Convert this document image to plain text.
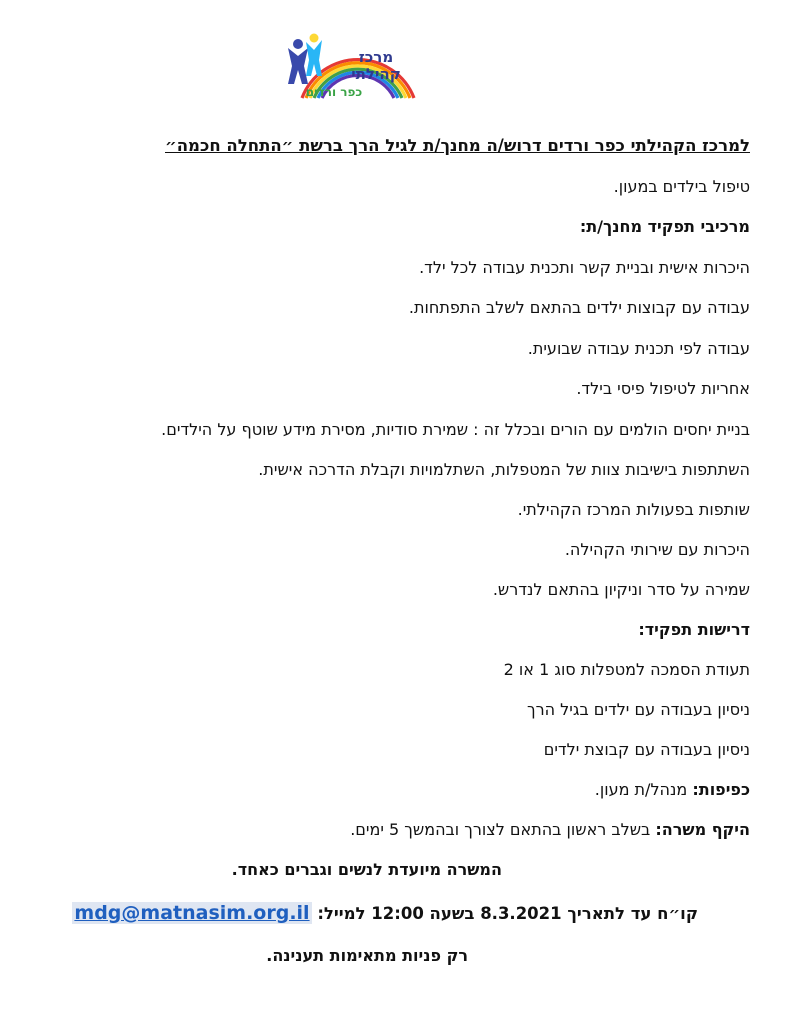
מרכז
קהילתי
כפר ורדים
למרכז הקהילתי כפר ורדים דרוש/ה מחנך/ת לגיל הרך ברשת ״התחלה חכמה״
טיפול בילדים במעון.
מרכיבי תפקיד מחנך/ת:
היכרות אישית ובניית קשר ותכנית עבודה לכל ילד.
עבודה עם קבוצות ילדים בהתאם לשלב התפתחות.
עבודה לפי תכנית עבודה שבועית.
אחריות לטיפול פיסי בילד.
בניית יחסים הולמים עם הורים ובכלל זה : שמירת סודיות, מסירת מידע שוטף על הילדים.
השתתפות בישיבות צוות של המטפלות, השתלמויות וקבלת הדרכה אישית.
שותפות בפעולות המרכז הקהילתי.
היכרות עם שירותי הקהילה.
שמירה על סדר וניקיון בהתאם לנדרש.
דרישות תפקיד:
תעודת הסמכה למטפלות סוג 1 או 2
ניסיון בעבודה עם ילדים בגיל הרך
ניסיון בעבודה עם קבוצת ילדים
כפיפות: מנהל/ת מעון.
היקף משרה: בשלב ראשון בהתאם לצורך ובהמשך 5 ימים.
המשרה מיועדת לנשים וגברים כאחד.
קו״ח עד לתאריך 8.3.2021 בשעה 12:00 למייל: mdg@matnasim.org.il
רק פניות מתאימות תענינה.
